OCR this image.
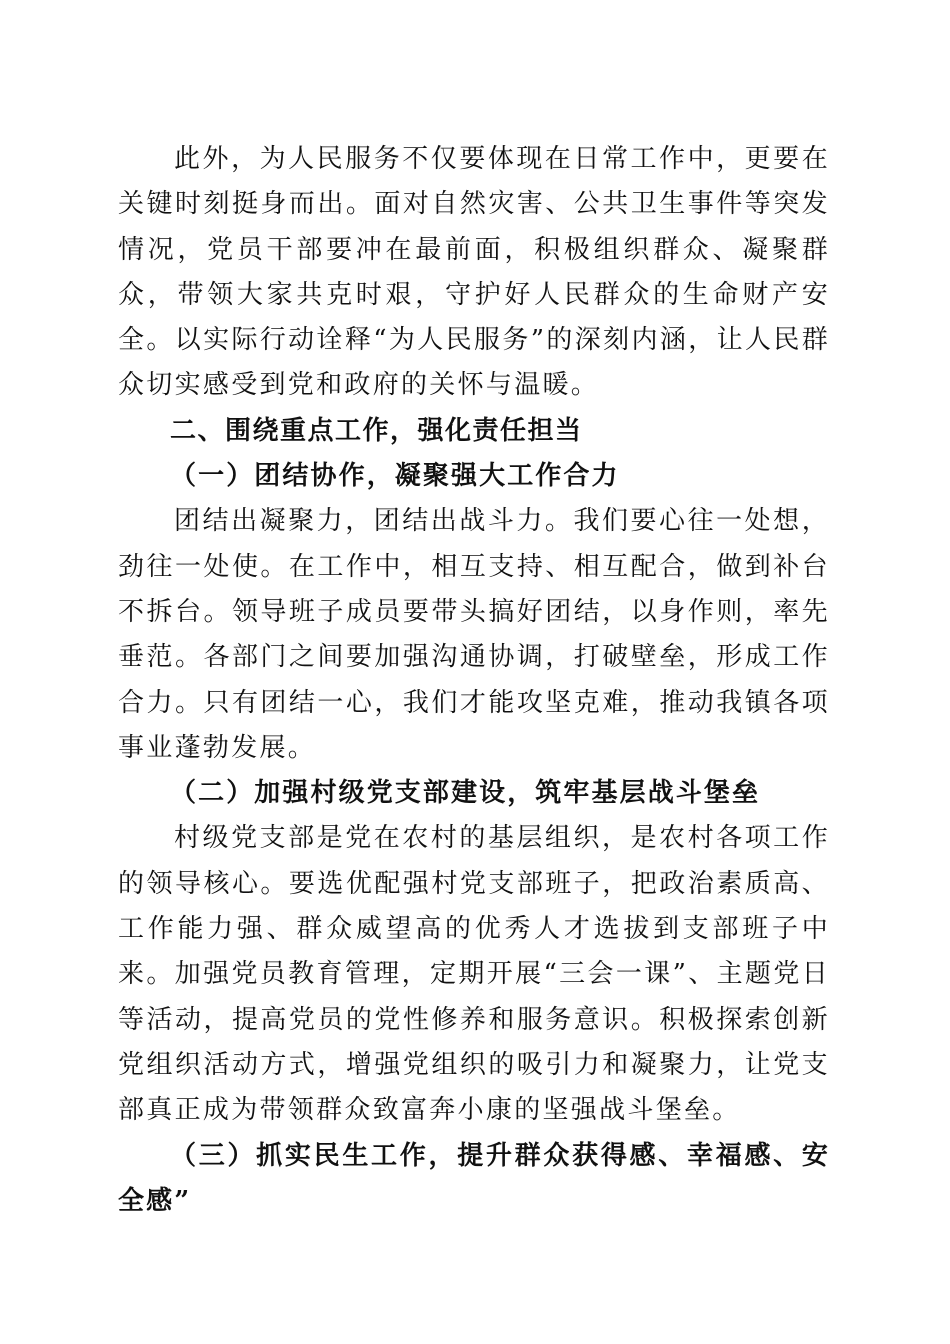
此外，为人民服务不仅要体现在日常工作中，更要在关键时刻挺身而出。面对自然灾害、公共卫生事件等突发情况，党员干部要冲在最前面，积极组织群众、凝聚群众，带领大家共克时艰，守护好人民群众的生命财产安全。以实际行动诠释“为人民服务”的深刻内涵，让人民群众切实感受到党和政府的关怀与温暖。

二、围绕重点工作，强化责任担当

（一）团结协作，凝聚强大工作合力

团结出凝聚力，团结出战斗力。我们要心往一处想，劲往一处使。在工作中，相互支持、相互配合，做到补台不拆台。领导班子成员要带头搞好团结，以身作则，率先垂范。各部门之间要加强沟通协调，打破壁垒，形成工作合力。只有团结一心，我们才能攻坚克难，推动我镇各项事业蓬勃发展。

（二）加强村级党支部建设，筑牢基层战斗堡垒

村级党支部是党在农村的基层组织，是农村各项工作的领导核心。要选优配强村党支部班子，把政治素质高、工作能力强、群众威望高的优秀人才选拔到支部班子中来。加强党员教育管理，定期开展“三会一课”、主题党日等活动，提高党员的党性修养和服务意识。积极探索创新党组织活动方式，增强党组织的吸引力和凝聚力，让党支部真正成为带领群众致富奔小康的坚强战斗堡垒。

（三）抓实民生工作，提升群众获得感、幸福感、安全感”
